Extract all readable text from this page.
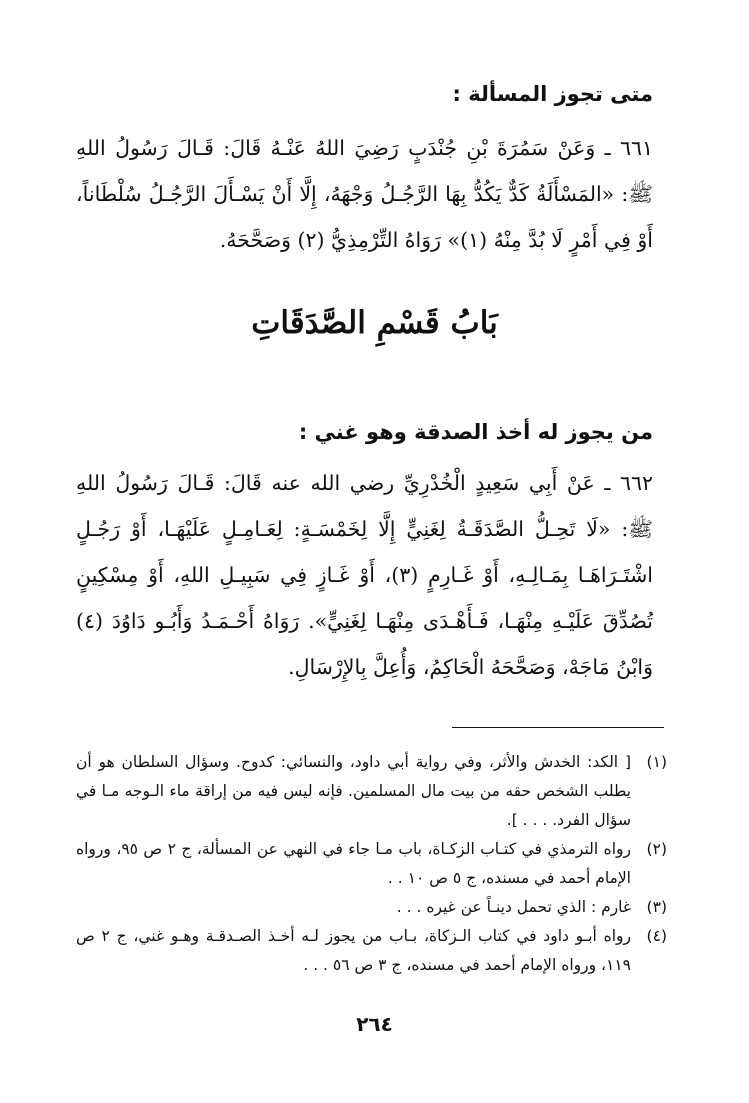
متى تجوز المسألة :
٦٦١ ـ وَعَنْ سَمُرَةَ بْنِ جُنْدَبٍ رَضِيَ اللهُ عَنْـهُ قَالَ: قَـالَ رَسُولُ اللهِ ﷺ: «المَسْأَلَةُ كَدٌّ يَكُدُّ بِهَا الرَّجُـلُ وَجْهَهُ، إِلَّا أَنْ يَسْـأَلَ الرَّجُـلُ سُلْطَاناً، أَوْ فِي أَمْرٍ لَا بُدَّ مِنْهُ (١)» رَوَاهُ التِّرْمِذِيُّ (٢) وَصَحَّحَهُ.
بَابُ قَسْمِ الصَّدَقَاتِ
من يجوز له أخذ الصدقة وهو غني :
٦٦٢ ـ عَنْ أَبِي سَعِيدٍ الْخُدْرِيِّ رضي الله عنه قَالَ: قَـالَ رَسُولُ اللهِ ﷺ: «لَا تَحِـلُّ الصَّدَقَـةُ لِغَنِيٍّ إِلَّا لِخَمْسَـةٍ: لِعَـامِـلٍ عَلَيْهَـا، أَوْ رَجُـلٍ اشْتَـرَاهَـا بِمَـالِـهِ، أَوْ غَـارِمٍ (٣)، أَوْ غَـازٍ فِي سَبِيـلِ اللهِ، أَوْ مِسْكِينٍ تُصُدِّقَ عَلَيْـهِ مِنْهَـا، فَـأَهْـدَى مِنْهَـا لِغَنِيٍّ». رَوَاهُ أَحْـمَـدُ وَأَبُـو دَاوُدَ (٤) وَابْنُ مَاجَهْ، وَصَحَّحَهُ الْحَاكِمُ، وَأُعِلَّ بِالإِرْسَالِ.
(١)
[ الكد: الخدش والأثر، وفي رواية أبي داود، والنسائي: كدوح. وسؤال السلطان هو أن يطلب الشخص حقه من بيت مال المسلمين. فإنه ليس فيه من إراقة ماء الـوجه مـا في سؤال الفرد. . . . ].
(٢)
رواه الترمذي في كتـاب الزكـاة، باب مـا جاء في النهي عن المسألة، ج ٢ ص ٩٥، ورواه الإمام أحمد في مسنده، ج ٥ ص ١٠ . .
(٣)
غارم : الذي تحمل دينـاً عن غيره . . .
(٤)
رواه أبـو داود في كتاب الـزكاة، بـاب من يجوز لـه أخـذ الصـدقـة وهـو غني، ج ٢ ص ١١٩، ورواه الإمام أحمد في مسنده، ج ٣ ص ٥٦ . . .
٢٦٤
